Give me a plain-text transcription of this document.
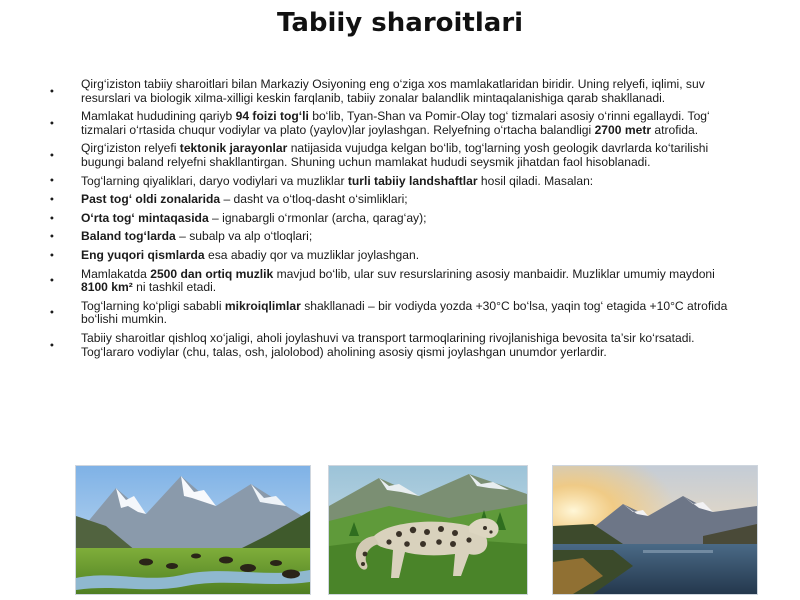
Tabiiy sharoitlari
•
Qirg‘iziston tabiiy sharoitlari bilan Markaziy Osiyoning eng o‘ziga xos mamlakatlaridan biridir. Uning relyefi, iqlimi, suv resurslari va biologik xilma-xilligi keskin farqlanib, tabiiy zonalar balandlik mintaqalanishiga qarab shakllanadi.
•
Mamlakat hududining qariyb 94 foizi tog‘li bo‘lib, Tyan-Shan va Pomir-Olay tog‘ tizmalari asosiy o‘rinni egallaydi. Tog‘ tizmalari o‘rtasida chuqur vodiylar va plato (yaylov)lar joylashgan. Relyefning o‘rtacha balandligi 2700 metr atrofida.
•
Qirg‘iziston relyefi tektonik jarayonlar natijasida vujudga kelgan bo‘lib, tog‘larning yosh geologik davrlarda ko‘tarilishi bugungi baland relyefni shakllantirgan. Shuning uchun mamlakat hududi seysmik jihatdan faol hisoblanadi.
• Tog‘larning qiyaliklari, daryo vodiylari va muzliklar turli tabiiy landshaftlar hosil qiladi. Masalan:
• Past tog‘ oldi zonalarida – dasht va o‘tloq-dasht o‘simliklari;
• O‘rta tog‘ mintaqasida – ignabargli o‘rmonlar (archa, qarag‘ay);
• Baland tog‘larda – subalp va alp o‘tloqlari;
• Eng yuqori qismlarda esa abadiy qor va muzliklar joylashgan.
•
Mamlakatda 2500 dan ortiq muzlik mavjud bo‘lib, ular suv resurslarining asosiy manbaidir. Muzliklar umumiy maydoni 8100 km² ni tashkil etadi.
•
Tog‘larning ko‘pligi sababli mikroiqlimlar shakllanadi – bir vodiyda yozda +30°C bo‘lsa, yaqin tog‘ etagida +10°C atrofida bo‘lishi mumkin.
•
Tabiiy sharoitlar qishloq xo‘jaligi, aholi joylashuvi va transport tarmoqlarining rivojlanishiga bevosita ta’sir ko‘rsatadi. Tog‘lararo vodiylar (chu, talas, osh, jalolobod) aholining asosiy qismi joylashgan unumdor yerlardir.
